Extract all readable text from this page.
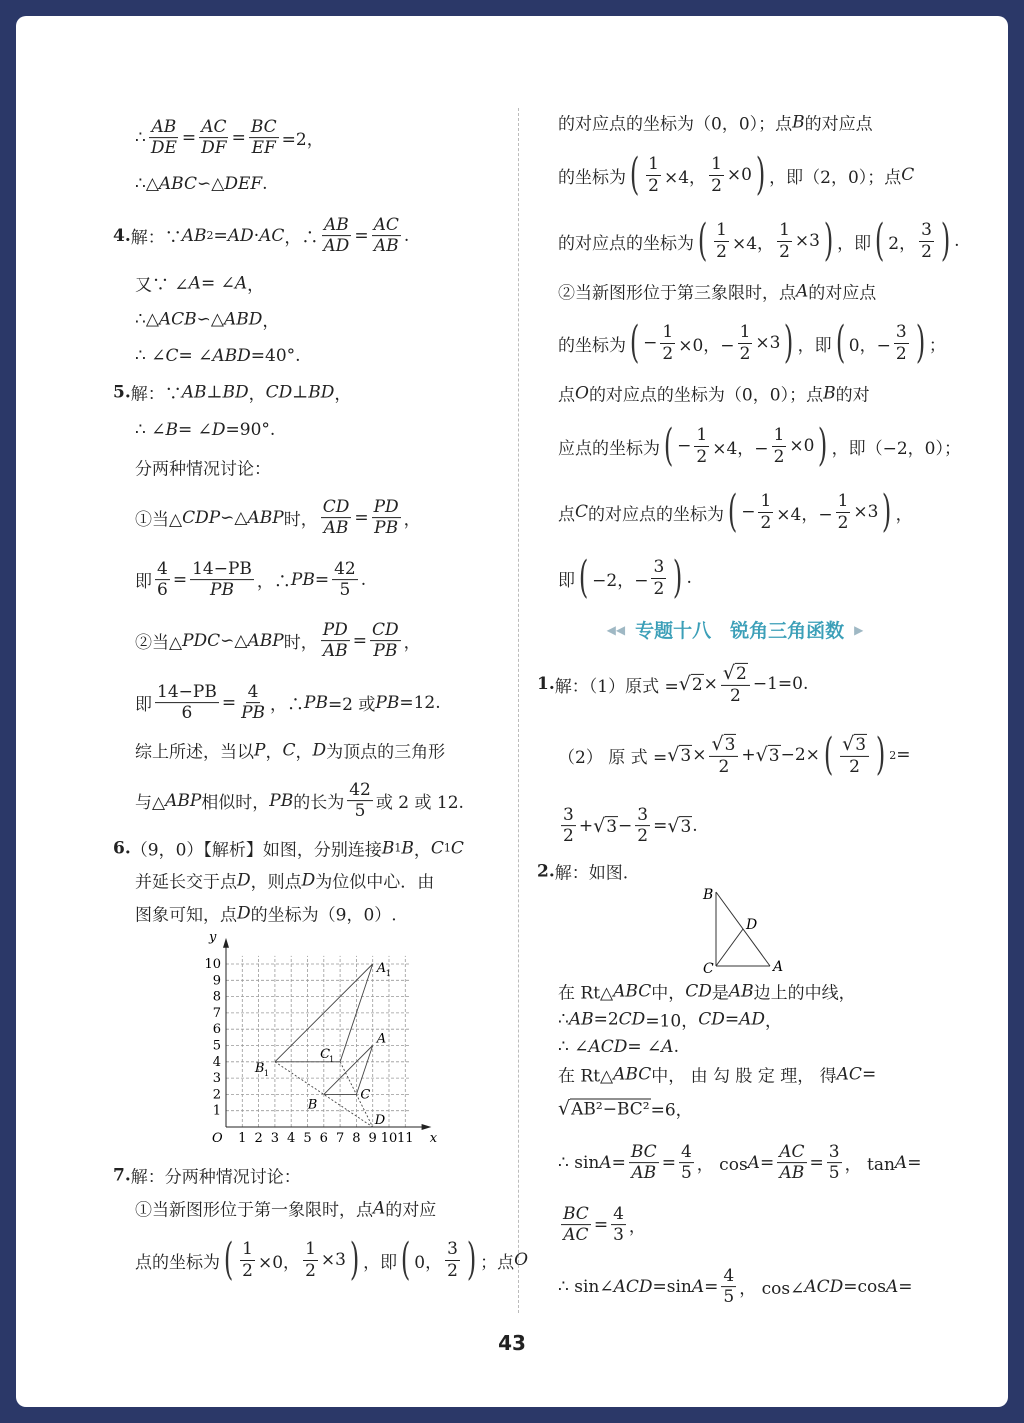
∴ $\frac{AB}{DE} = \frac{AC}{DF} = \frac{BC}{EF} =2$，
∴△ ABC ∽△ DEF .
4. 解：∵ AB 2 = AD · AC ，∴ $\frac{AB}{AD} = \frac{AC}{AB}$ .
又∵ ∠ A = ∠ A ，
∴△ ACB ∽△ ABD ，
∴ ∠ C = ∠ ABD =40°.
5. 解：∵ AB ⊥ BD ， CD ⊥ BD ，
∴ ∠ B = ∠ D =90°.
分两种情况讨论：
①当△ CDP ∽△ ABP 时， $\frac{CD}{AB} = \frac{PD}{PB}$ ，
即 $\frac{4}{6} = \frac{14-PB}{PB}$ ，∴ PB = $\frac{42}{5}$ .
②当△ PDC ∽△ ABP 时， $\frac{PD}{AB} = \frac{CD}{PB}$ ，
即 $\frac{14-PB}{6} = \frac{4}{PB}$ ，∴ PB =2 或 PB =12.
综上所述，当以 P ， C ， D 为顶点的三角形
与△ ABP 相似时， PB 的长为 $\frac{42}{5}$ 或 2 或 12.
6. （9，0）【解析】如图，分别连接 B 1 B ， C 1 C
并延长交于点 D ，则点 D 为位似中心．由
图象可知，点 D 的坐标为（9，0）.
7. 解：分两种情况讨论：
①当新图形位于第一象限时，点 A 的对应
点的坐标为 ( $\frac{1}{2} \times 0$， $\frac{1}{2} \times 3$ ) ，即 ( 0， $\frac{3}{2}$ ) ；点 O
的对应点的坐标为（0，0）；点 B 的对应点
的坐标为 ( $\frac{1}{2} \times 4$， $\frac{1}{2} \times 0$ ) ，即（2，0）；点 C
的对应点的坐标为 ( $\frac{1}{2} \times 4$， $\frac{1}{2} \times 3$ ) ，即 ( 2， $\frac{3}{2}$ ) .
②当新图形位于第三象限时，点 A 的对应点
的坐标为 ( − $\frac{1}{2} \times 0$，− $\frac{1}{2} \times 3$ ) ，即 ( 0，− $\frac{3}{2}$ ) ；
点 O 的对应点的坐标为（0，0）；点 B 的对
应点的坐标为 ( − $\frac{1}{2} \times 4$，− $\frac{1}{2} \times 0$ ) ，即（−2，0）；
点 C 的对应点的坐标为 ( − $\frac{1}{2} \times 4$，− $\frac{1}{2} \times 3$ ) ，
即 ( −2，− $\frac{3}{2}$ ) .
1. 解：（1）原式 = √ $2 \times \frac{√ 2}{2} -1=0$.
（2） 原 式 = √ $3 \times \frac{√ 3}{2}$ + √ 3 −2× ( $\frac{√ 3}{2}$ ) 2 =
$\frac{3}{2}$ + √ $3 - \frac{3}{2}$ = √ 3 .
2. 解：如图.
在 Rt△ ABC 中， CD 是 AB 边上的中线，
∴ AB =2 CD =10， CD = AD ，
∴ ∠ ACD = ∠ A .
在 Rt△ ABC 中， 由 勾 股 定 理， 得 AC =
√ AB²−BC² =6，
∴ $\sin A = \frac{BC}{AB} = \frac{4}{5}$ ， $\cos A = \frac{AC}{AB} = \frac{3}{5}$ ， tan A =
$\frac{BC}{AC} = \frac{4}{3}$ ，
∴ sin∠ ACD =sin $A = \frac{4}{5}$ ， cos∠ ACD =cos A =
◀◀ 专题十八　锐角三角函数 ▶
1 2 3 4 5 6 7 8 9 10 11
1
2
3
4
5
6
7
8
9
10
O	x
y
A
B
C
A 1
B 1
C 1
D
B
C	A
D
43
